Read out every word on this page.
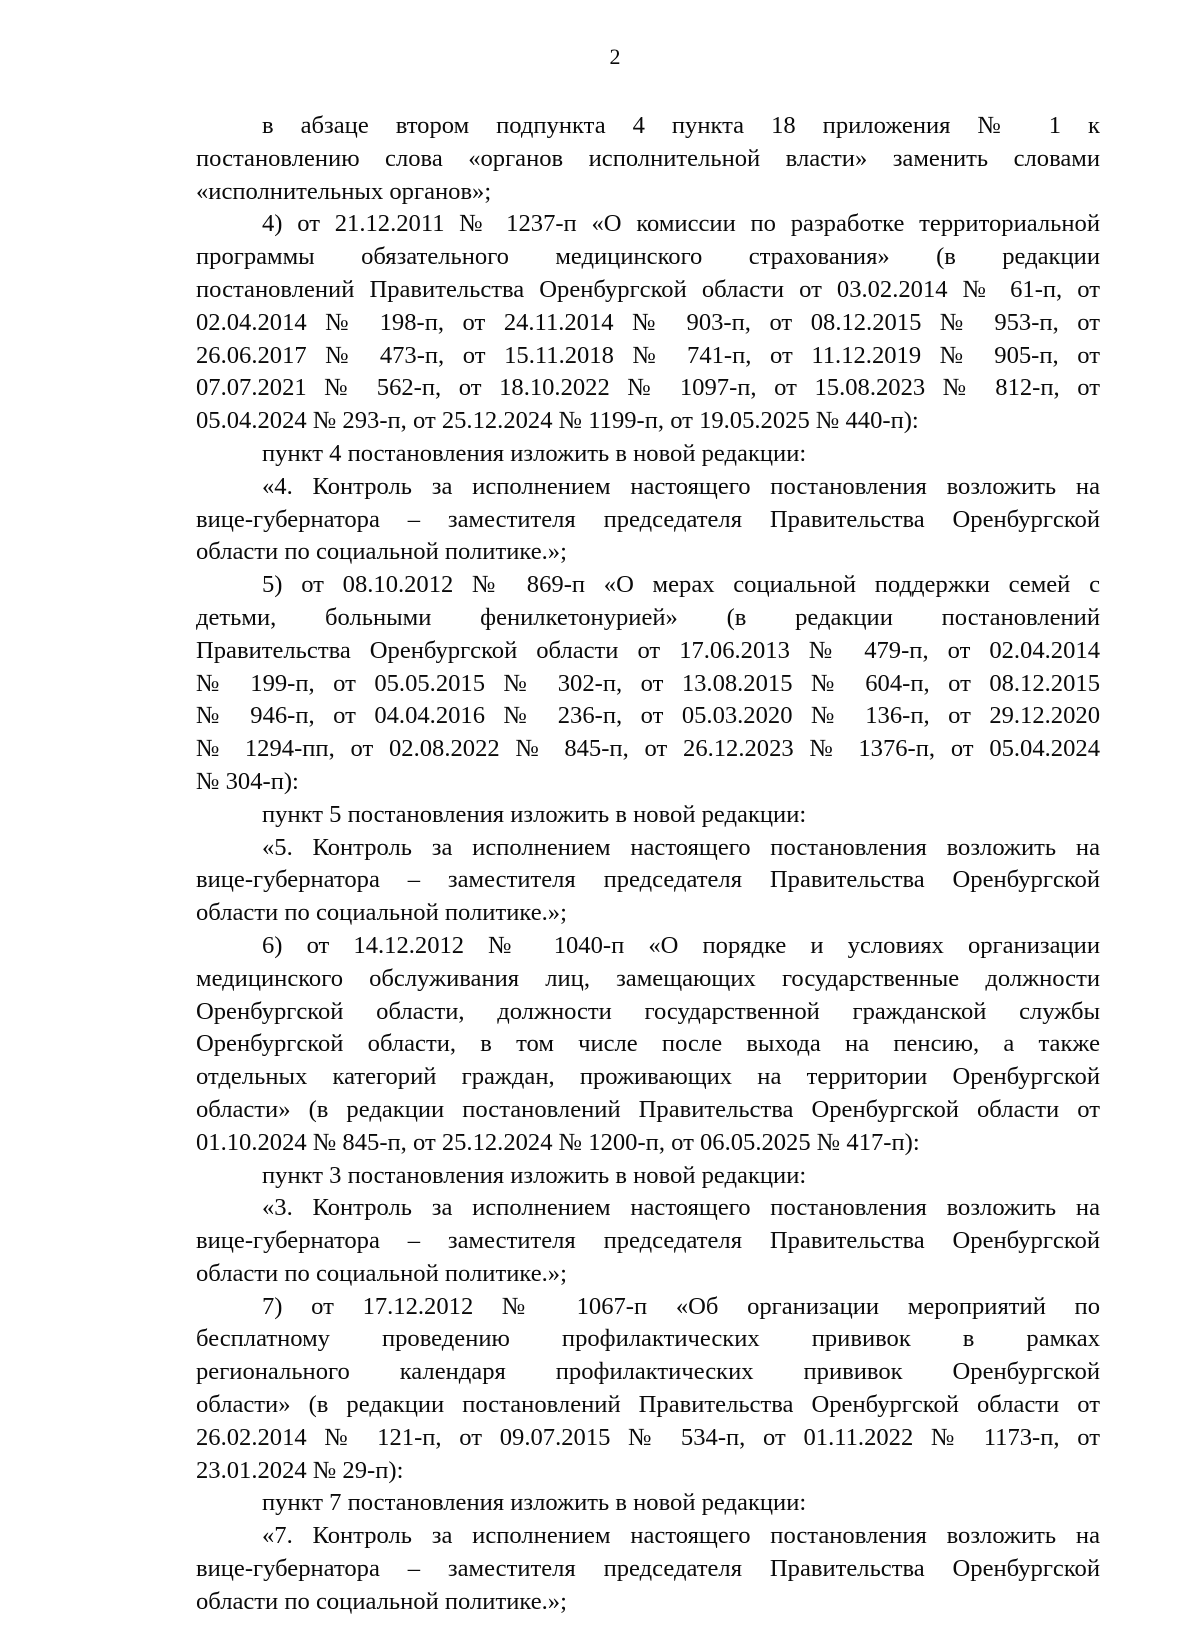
2
в абзаце втором подпункта 4 пункта 18 приложения № 1 к
постановлению слова «органов исполнительной власти» заменить словами
«исполнительных органов»;
4) от 21.12.2011 № 1237-п «О комиссии по разработке территориальной
программы обязательного медицинского страхования» (в редакции
постановлений Правительства Оренбургской области от 03.02.2014 № 61-п, от
02.04.2014 № 198-п, от 24.11.2014 № 903-п, от 08.12.2015 № 953-п, от
26.06.2017 № 473-п, от 15.11.2018 № 741-п, от 11.12.2019 № 905-п, от
07.07.2021 № 562-п, от 18.10.2022 № 1097-п, от 15.08.2023 № 812-п, от
05.04.2024 № 293-п, от 25.12.2024 № 1199-п, от 19.05.2025 № 440-п):
пункт 4 постановления изложить в новой редакции:
«4. Контроль за исполнением настоящего постановления возложить на
вице-губернатора – заместителя председателя Правительства Оренбургской
области по социальной политике.»;
5) от 08.10.2012 № 869-п «О мерах социальной поддержки семей с
детьми, больными фенилкетонурией» (в редакции постановлений
Правительства Оренбургской области от 17.06.2013 № 479-п, от 02.04.2014
№ 199-п, от 05.05.2015 № 302-п, от 13.08.2015 № 604-п, от 08.12.2015
№ 946-п, от 04.04.2016 № 236-п, от 05.03.2020 № 136-п, от 29.12.2020
№ 1294-пп, от 02.08.2022 № 845-п, от 26.12.2023 № 1376-п, от 05.04.2024
№ 304-п):
пункт 5 постановления изложить в новой редакции:
«5. Контроль за исполнением настоящего постановления возложить на
вице-губернатора – заместителя председателя Правительства Оренбургской
области по социальной политике.»;
6) от 14.12.2012 № 1040-п «О порядке и условиях организации
медицинского обслуживания лиц, замещающих государственные должности
Оренбургской области, должности государственной гражданской службы
Оренбургской области, в том числе после выхода на пенсию, а также
отдельных категорий граждан, проживающих на территории Оренбургской
области» (в редакции постановлений Правительства Оренбургской области от
01.10.2024 № 845-п, от 25.12.2024 № 1200-п, от 06.05.2025 № 417-п):
пункт 3 постановления изложить в новой редакции:
«3. Контроль за исполнением настоящего постановления возложить на
вице-губернатора – заместителя председателя Правительства Оренбургской
области по социальной политике.»;
7) от 17.12.2012 № 1067-п «Об организации мероприятий по
бесплатному проведению профилактических прививок в рамках
регионального календаря профилактических прививок Оренбургской
области» (в редакции постановлений Правительства Оренбургской области от
26.02.2014 № 121-п, от 09.07.2015 № 534-п, от 01.11.2022 № 1173-п, от
23.01.2024 № 29-п):
пункт 7 постановления изложить в новой редакции:
«7. Контроль за исполнением настоящего постановления возложить на
вице-губернатора – заместителя председателя Правительства Оренбургской
области по социальной политике.»;
